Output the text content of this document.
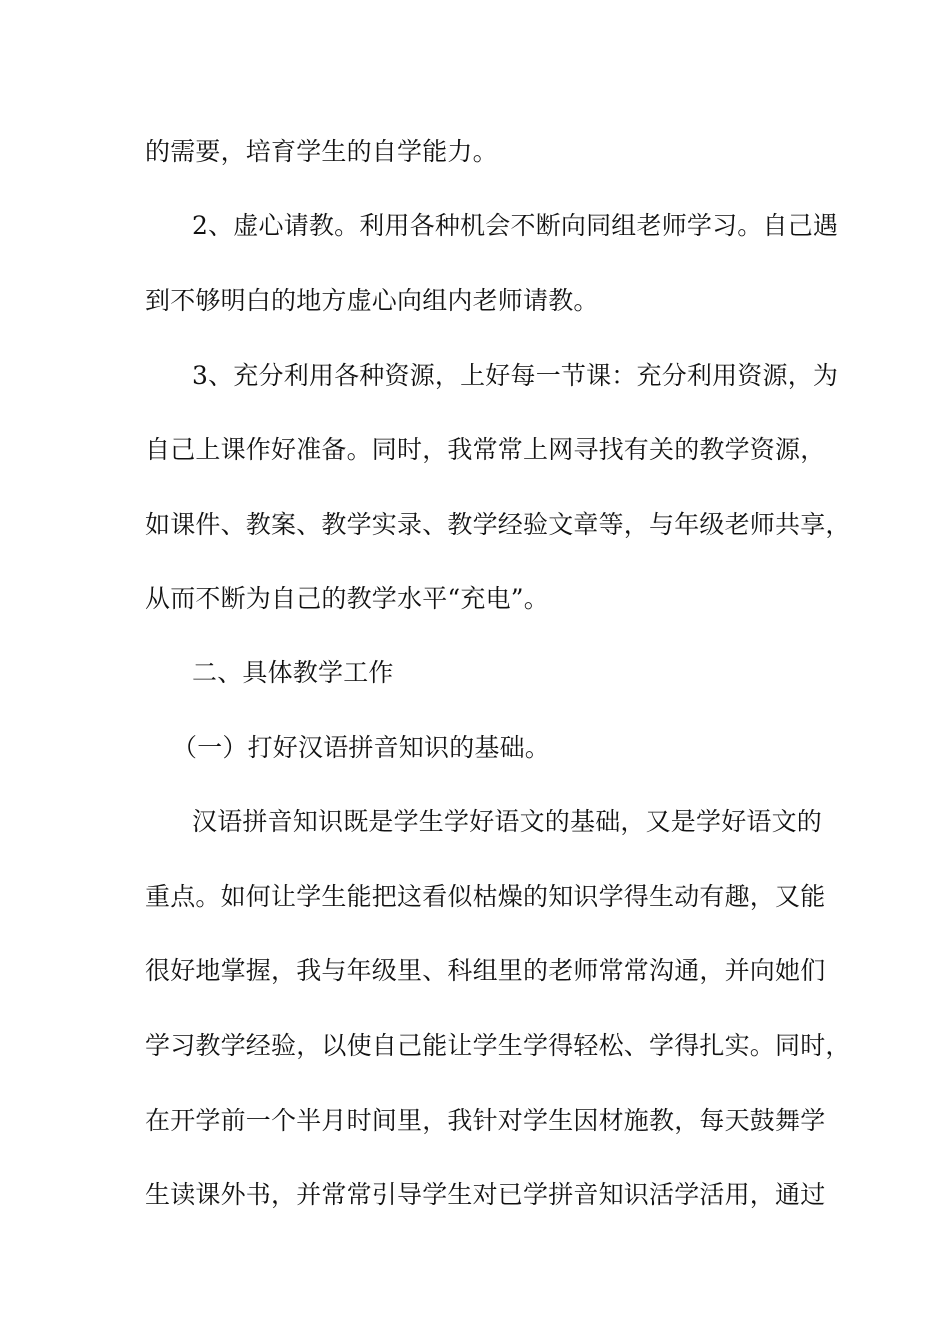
的需要，培育学生的自学能力。
2、虚心请教。利用各种机会不断向同组老师学习。自己遇
到不够明白的地方虚心向组内老师请教。
3、充分利用各种资源，上好每一节课：充分利用资源，为
自己上课作好准备。同时，我常常上网寻找有关的教学资源，
如课件、教案、教学实录、教学经验文章等，与年级老师共享，
从而不断为自己的教学水平“充电”。
二、具体教学工作
（一）打好汉语拼音知识的基础。
汉语拼音知识既是学生学好语文的基础，又是学好语文的
重点。如何让学生能把这看似枯燥的知识学得生动有趣，又能
很好地掌握，我与年级里、科组里的老师常常沟通，并向她们
学习教学经验，以使自己能让学生学得轻松、学得扎实。同时，
在开学前一个半月时间里，我针对学生因材施教，每天鼓舞学
生读课外书，并常常引导学生对已学拼音知识活学活用，通过
